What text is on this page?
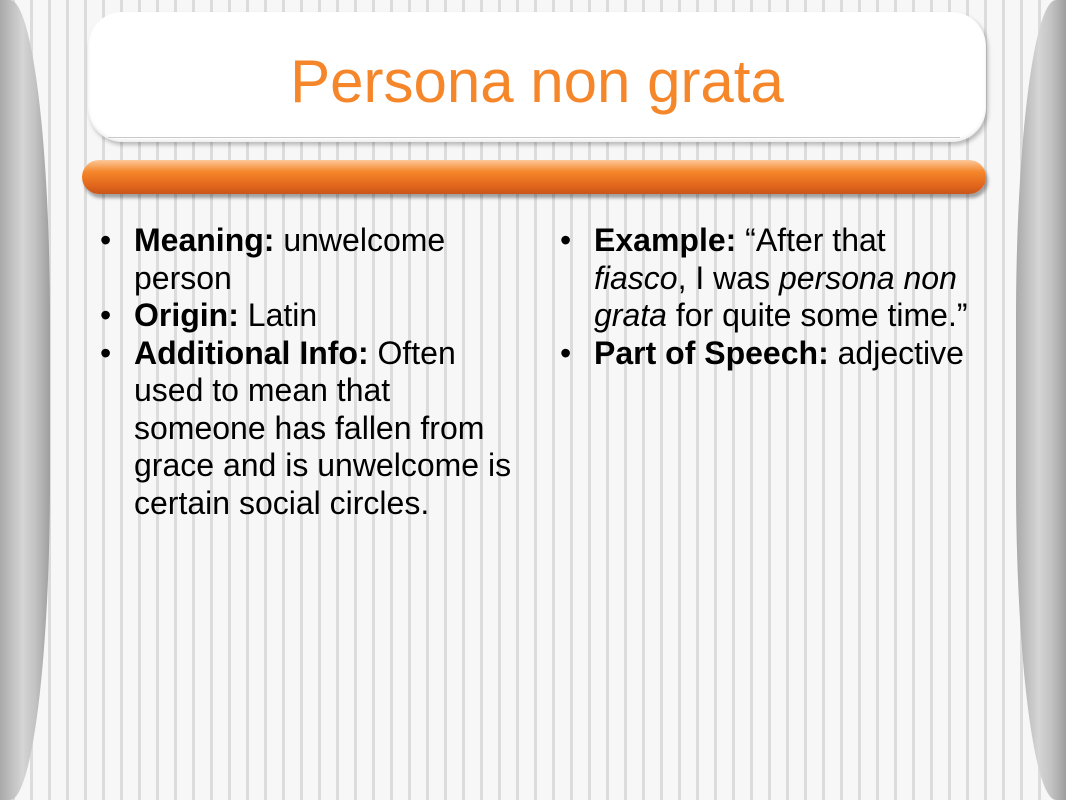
Persona non grata
• Meaning: unwelcome person
• Origin: Latin
• Additional Info: Often used to mean that someone has fallen from grace and is unwelcome is certain social circles.
• Example: “After that fiasco, I was persona non grata for quite some time.”
• Part of Speech: adjective
